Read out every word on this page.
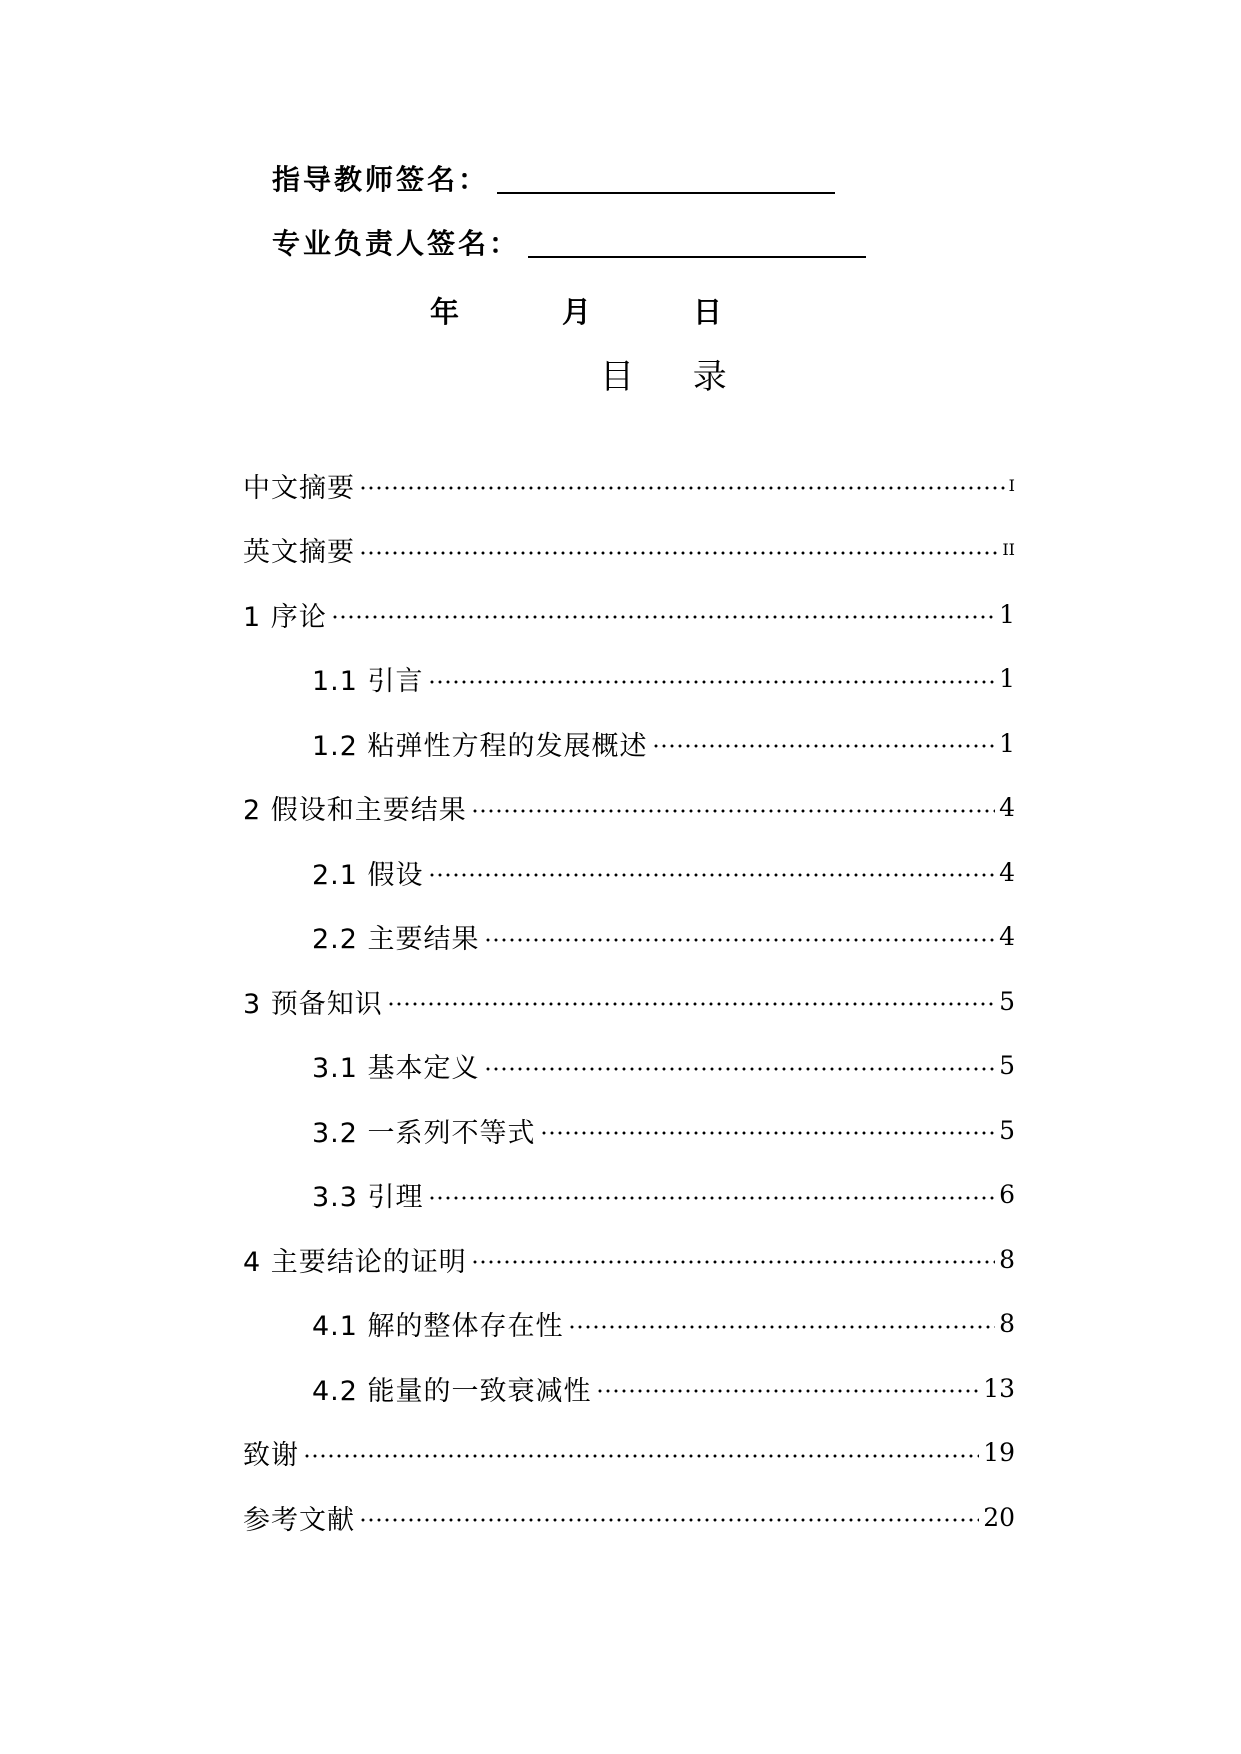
指导教师签名：
专业负责人签名：
年	月	日
目 录
中文摘要	I
英文摘要	II
1 序论	1
1.1 引言	1
1.2 粘弹性方程的发展概述	1
2 假设和主要结果	4
2.1 假设	4
2.2 主要结果	4
3 预备知识	5
3.1 基本定义	5
3.2 一系列不等式	5
3.3 引理	6
4 主要结论的证明	8
4.1 解的整体存在性	8
4.2 能量的一致衰减性	13
致谢	19
参考文献	20
